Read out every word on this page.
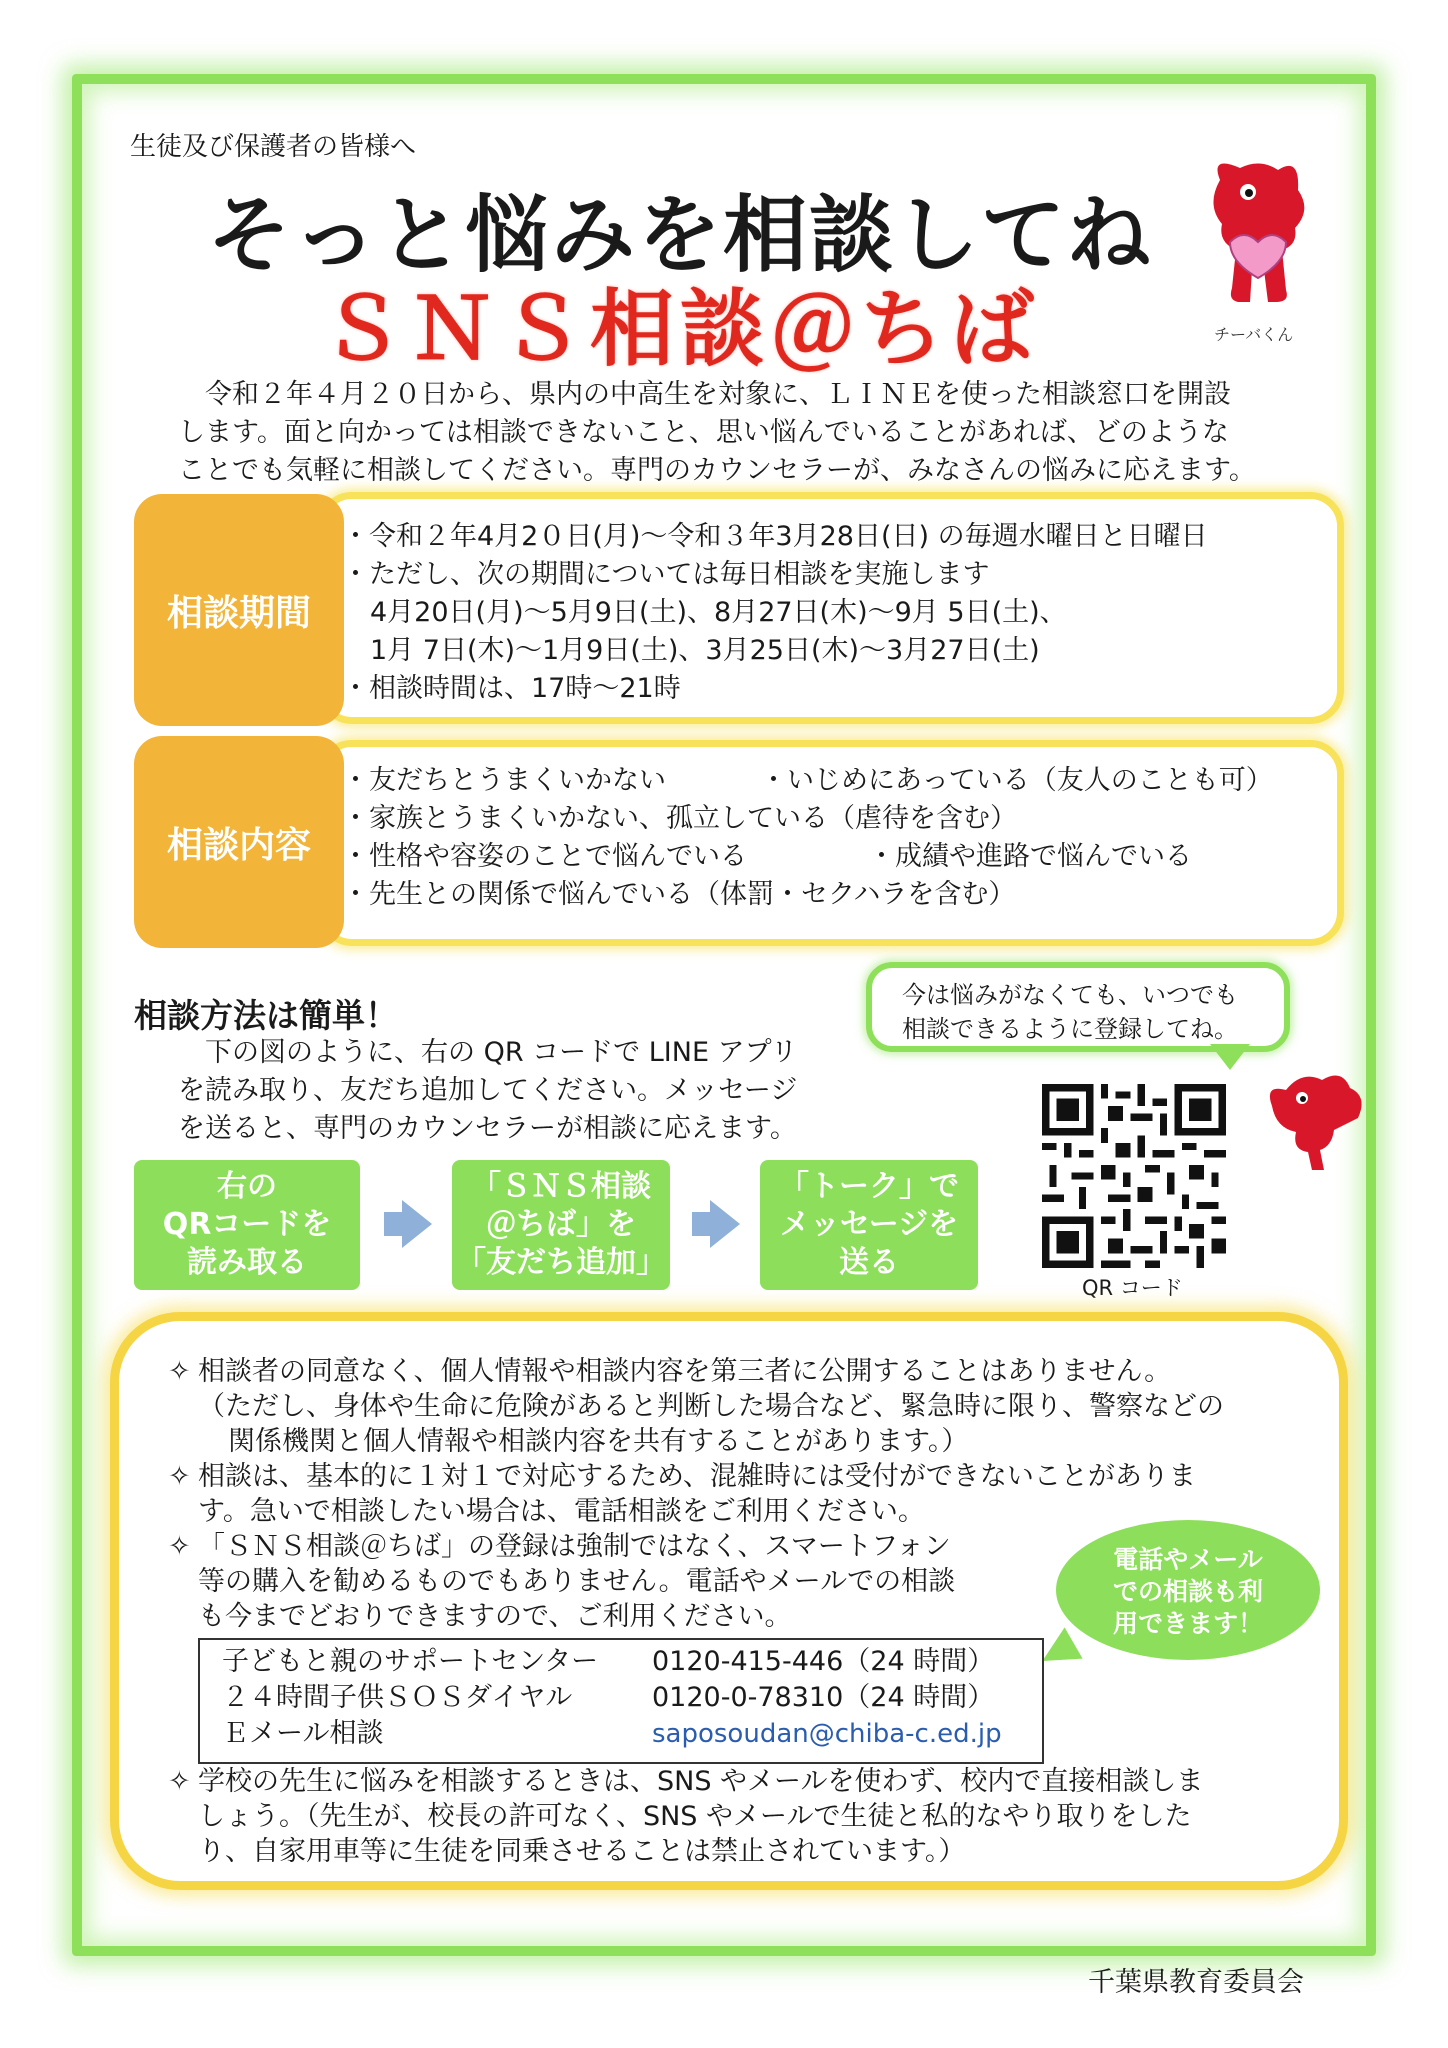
生徒及び保護者の皆様へ
そっと悩みを相談してね
ＳＮＳ相談＠ちば	チーバくん

令和２年４月２０日から、県内の中高生を対象に、ＬＩＮＥを使った相談窓口を開設

します。面と向かっては相談できないこと、思い悩んでいることがあれば、どのような
ことでも気軽に相談してください。専門のカウンセラーが、みなさんの悩みに応えます。
相談期間
・令和２年4月2０日(月)～令和３年3月28日(日) の毎週水曜日と日曜日
・ただし、次の期間については毎日相談を実施します
4月20日(月)～5月9日(土)、8月27日(木)～9月 5日(土)、
1月 7日(木)～1月9日(土)、3月25日(木)～3月27日(土)
・相談時間は、17時～21時
相談内容
・友だちとうまくいかない	・いじめにあっている（友人のことも可）
・家族とうまくいかない、孤立している（虐待を含む）
・性格や容姿のことで悩んでいる	・成績や進路で悩んでいる
・先生との関係で悩んでいる（体罰・セクハラを含む）
相談方法は簡単！

下の図のように、右の QR コードで LINE アプリ

を読み取り、友だち追加してください。メッセージ
を送ると、専門のカウンセラーが相談に応えます。
今は悩みがなくても、いつでも
相談できるように登録してね。
右の
QRコードを
読み取る
「ＳＮＳ相談
＠ちば」を
「友だち追加」
「トーク」で
メッセージを
送る
QR コード
✧ 相談者の同意なく、個人情報や相談内容を第三者に公開することはありません。
（ただし、身体や生命に危険があると判断した場合など、緊急時に限り、警察などの
関係機関と個人情報や相談内容を共有することがあります。）
✧ 相談は、基本的に１対１で対応するため、混雑時には受付ができないことがありま
す。急いで相談したい場合は、電話相談をご利用ください。
✧ 「ＳＮＳ相談＠ちば」の登録は強制ではなく、スマートフォン
等の購入を勧めるものでもありません。電話やメールでの相談
も今までどおりできますので、ご利用ください。
✧ 学校の先生に悩みを相談するときは、SNS やメールを使わず、校内で直接相談しま
しょう。（先生が、校長の許可なく、SNS やメールで生徒と私的なやり取りをした
り、自家用車等に生徒を同乗させることは禁止されています。）
電話やメール
での相談も利
用できます！
子どもと親のサポートセンター	0120-415-446（24 時間）
２４時間子供ＳＯＳダイヤル	0120-0-78310（24 時間）
Ｅメール相談	saposoudan@chiba-c.ed.jp
千葉県教育委員会
